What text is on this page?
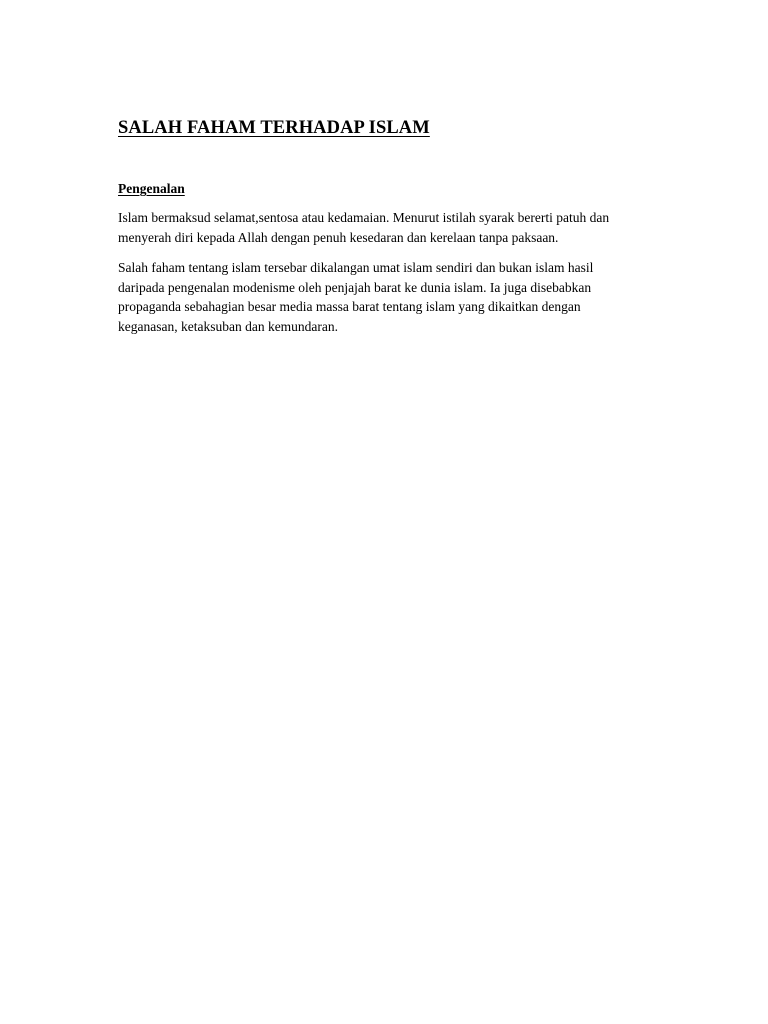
SALAH FAHAM TERHADAP ISLAM
Pengenalan

Islam bermaksud selamat,sentosa atau kedamaian. Menurut istilah syarak bererti patuh dan
menyerah diri kepada Allah dengan penuh kesedaran dan kerelaan tanpa paksaan.

Salah faham tentang islam tersebar dikalangan umat islam sendiri dan bukan islam hasil
daripada pengenalan modenisme oleh penjajah barat ke dunia islam. Ia juga disebabkan
propaganda sebahagian besar media massa barat tentang islam yang dikaitkan dengan
keganasan, ketaksuban dan kemundaran.
